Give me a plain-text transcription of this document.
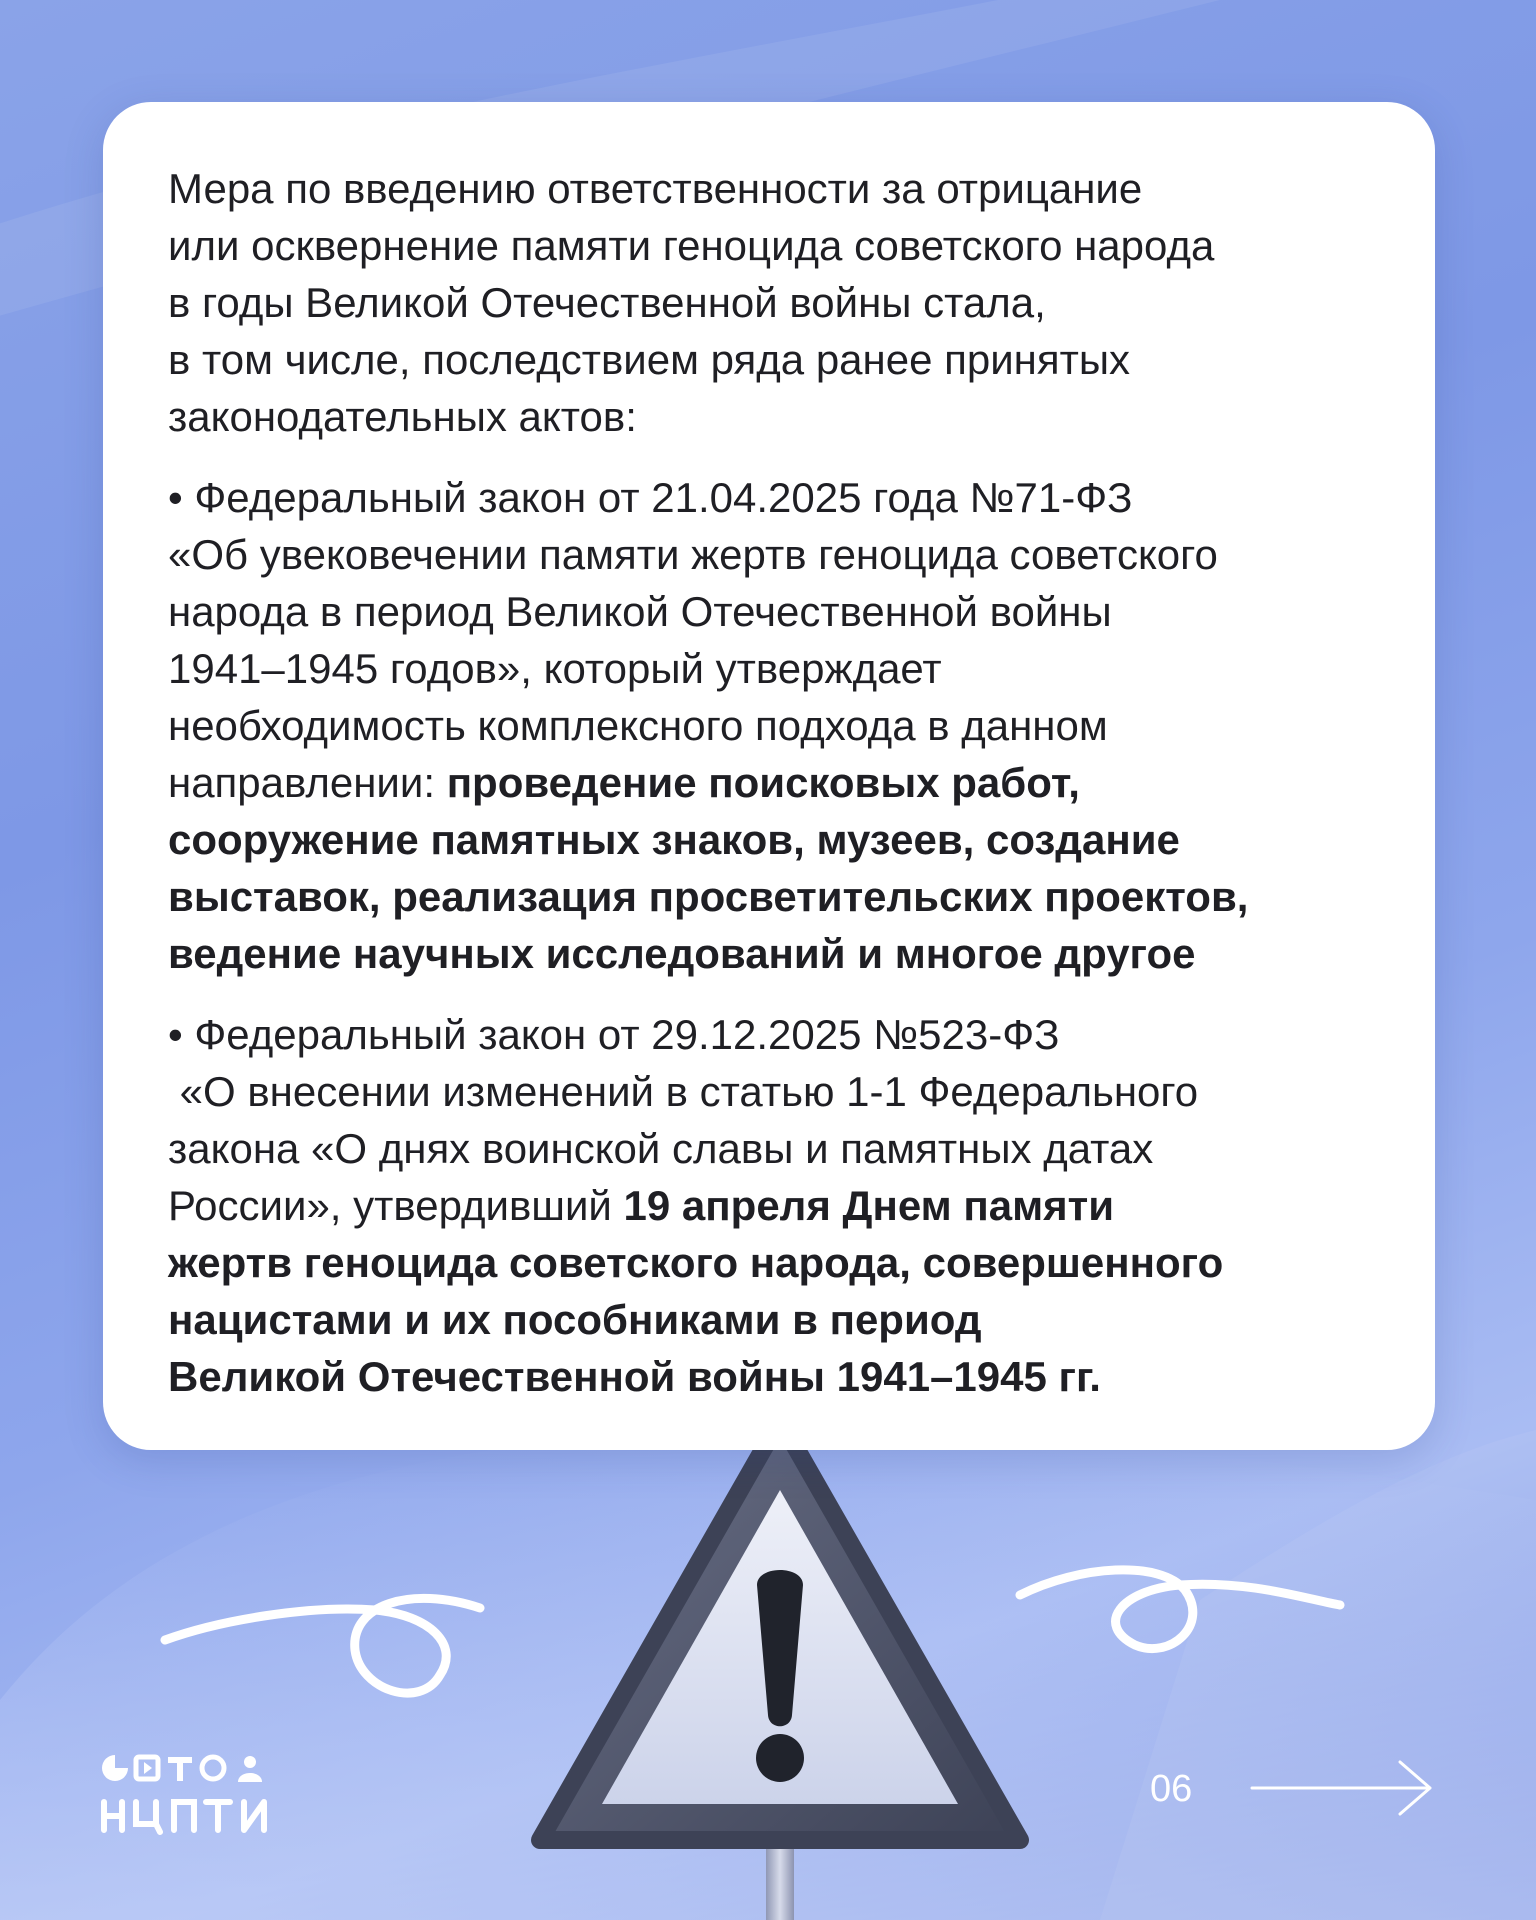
Мера по введению ответственности за отрицание
или осквернение памяти геноцида советского народа
в годы Великой Отечественной войны стала,
в том числе, последствием ряда ранее принятых
законодательных актов:

• Федеральный закон от 21.04.2025 года №71-ФЗ
«Об увековечении памяти жертв геноцида советского
народа в период Великой Отечественной войны
1941–1945 годов», который утверждает
необходимость комплексного подхода в данном
направлении: проведение поисковых работ,
сооружение памятных знаков, музеев, создание
выставок, реализация просветительских проектов,
ведение научных исследований и многое другое

• Федеральный закон от 29.12.2025 №523-ФЗ
«О внесении изменений в статью 1-1 Федерального
закона «О днях воинской славы и памятных датах
России», утвердивший 19 апреля Днем памяти
жертв геноцида советского народа, совершенного
нацистами и их пособниками в период
Великой Отечественной войны 1941–1945 гг.

06
